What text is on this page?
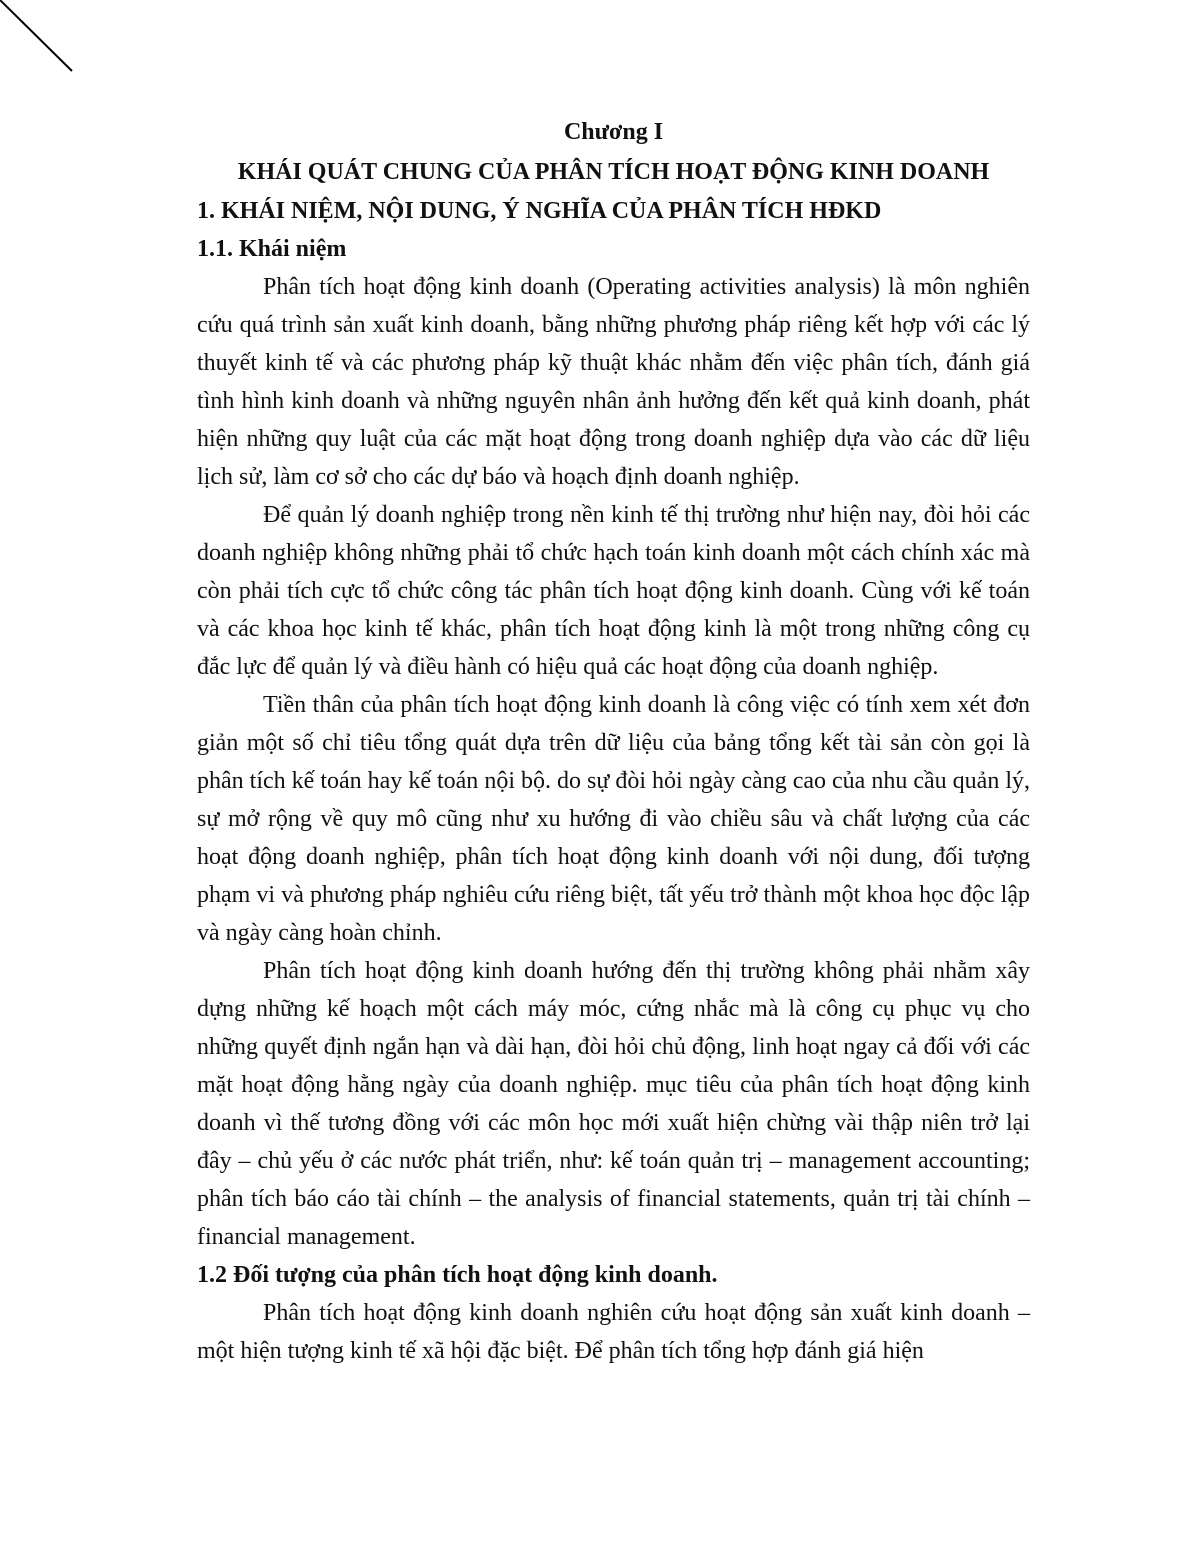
Chương I

KHÁI QUÁT CHUNG CỦA PHÂN TÍCH HOẠT ĐỘNG KINH DOANH

1. KHÁI NIỆM, NỘI DUNG, Ý NGHĨA CỦA PHÂN TÍCH HĐKD

1.1. Khái niệm

Phân tích hoạt động kinh doanh (Operating activities analysis) là môn nghiên cứu quá trình sản xuất kinh doanh, bằng những phương pháp riêng kết hợp với các lý thuyết kinh tế và các phương pháp kỹ thuật khác nhằm đến việc phân tích, đánh giá tình hình kinh doanh và những nguyên nhân ảnh hưởng đến kết quả kinh doanh, phát hiện những quy luật của các mặt hoạt động trong doanh nghiệp dựa vào các dữ liệu lịch sử, làm cơ sở cho các dự báo và hoạch định doanh nghiệp.

Để quản lý doanh nghiệp trong nền kinh tế thị trường như hiện nay, đòi hỏi các doanh nghiệp không những phải tổ chức hạch toán kinh doanh một cách chính xác mà còn phải tích cực tổ chức công tác phân tích hoạt động kinh doanh. Cùng với kế toán và các khoa học kinh tế khác, phân tích hoạt động kinh là một trong những công cụ đắc lực để quản lý và điều hành có hiệu quả các hoạt động của doanh nghiệp.

Tiền thân của phân tích hoạt động kinh doanh là công việc có tính xem xét đơn giản một số chỉ tiêu tổng quát dựa trên dữ liệu của bảng tổng kết tài sản còn gọi là phân tích kế toán hay kế toán nội bộ. do sự đòi hỏi ngày càng cao của nhu cầu quản lý, sự mở rộng về quy mô cũng như xu hướng đi vào chiều sâu và chất lượng của các hoạt động doanh nghiệp, phân tích hoạt động kinh doanh với nội dung, đối tượng phạm vi và phương pháp nghiêu cứu riêng biệt, tất yếu trở thành một khoa học độc lập và ngày càng hoàn chỉnh.

Phân tích hoạt động kinh doanh hướng đến thị trường không phải nhằm xây dựng những kế hoạch một cách máy móc, cứng nhắc mà là công cụ phục vụ cho những quyết định ngắn hạn và dài hạn, đòi hỏi chủ động, linh hoạt ngay cả đối với các mặt hoạt động hằng ngày của doanh nghiệp. mục tiêu của phân tích hoạt động kinh doanh vì thế tương đồng với các môn học mới xuất hiện chừng vài thập niên trở lại đây – chủ yếu ở các nước phát triển, như: kế toán quản trị – management accounting; phân tích báo cáo tài chính – the analysis of financial statements, quản trị tài chính – financial management.

1.2 Đối tượng của phân tích hoạt động kinh doanh.

Phân tích hoạt động kinh doanh nghiên cứu hoạt động sản xuất kinh doanh – một hiện tượng kinh tế xã hội đặc biệt. Để phân tích tổng hợp đánh giá hiện
